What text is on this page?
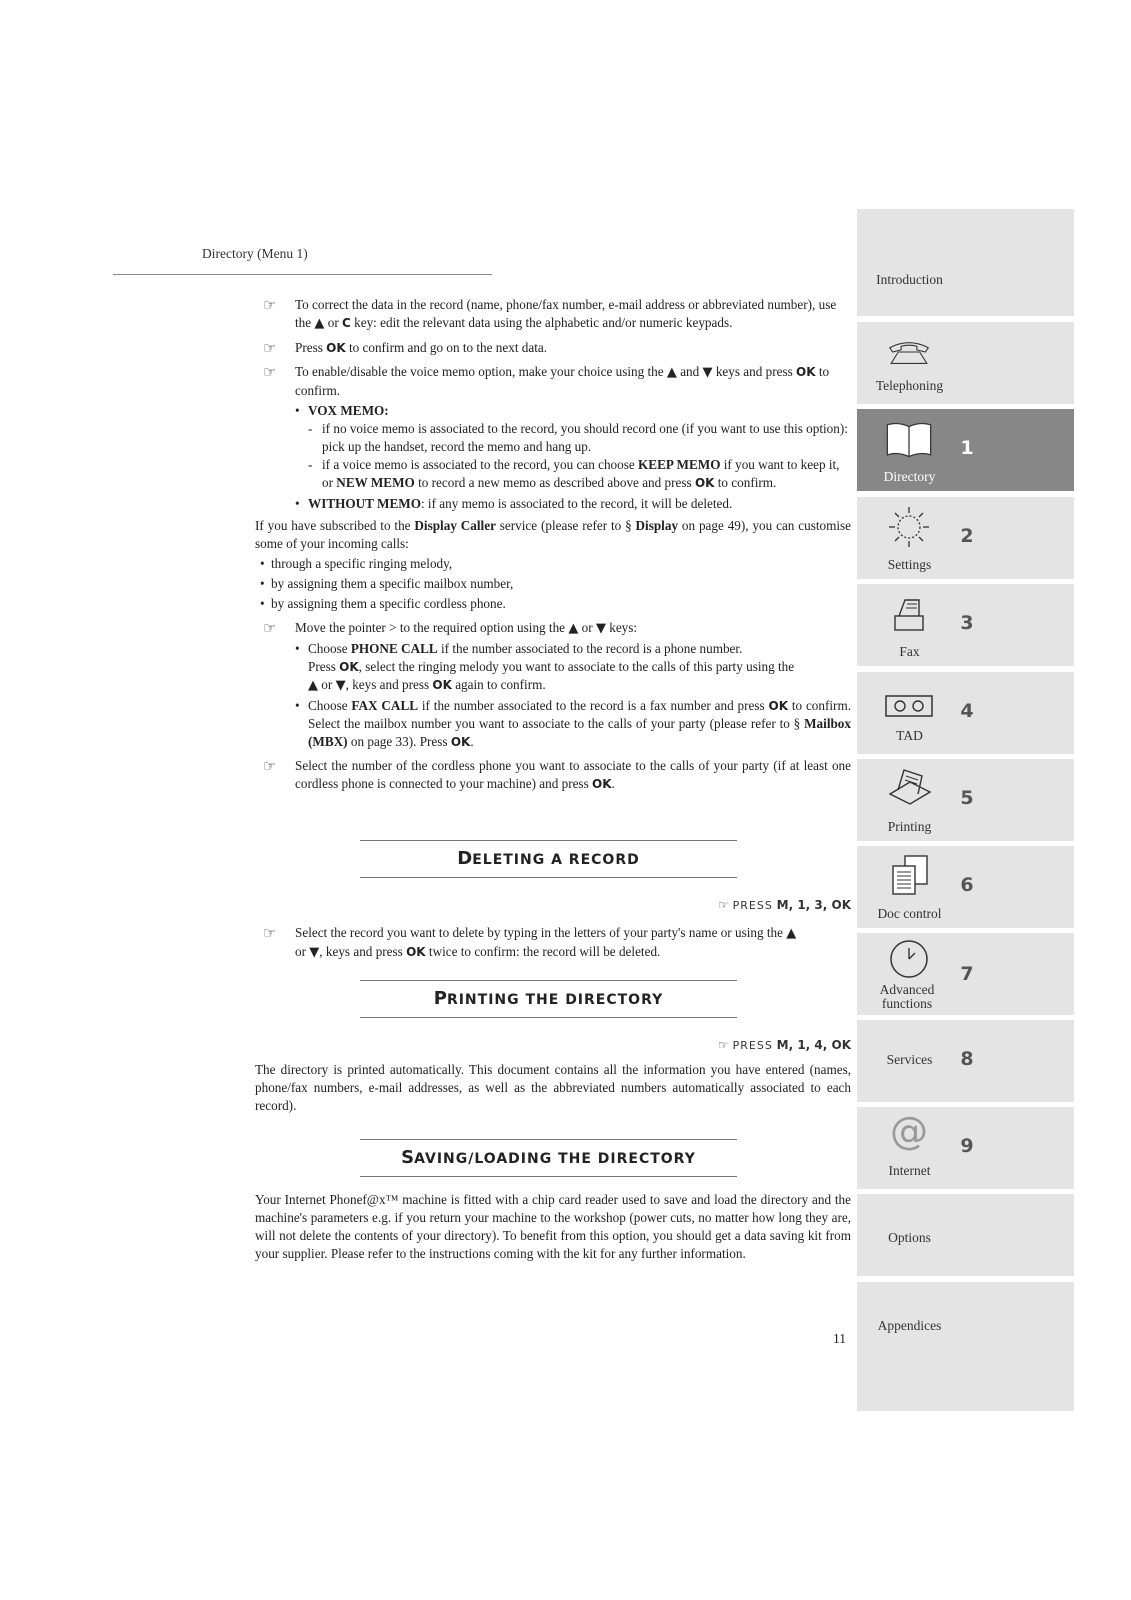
Directory (Menu 1)
☞ To correct the data in the record (name, phone/fax number, e-mail address or abbreviated number), use the ▲ or C key: edit the relevant data using the alphabetic and/or numeric keypads.
☞ Press OK to confirm and go on to the next data.
☞ To enable/disable the voice memo option, make your choice using the ▲ and ▼ keys and press OK to confirm.
• VOX MEMO:
- if no voice memo is associated to the record, you should record one (if you want to use this option): pick up the handset, record the memo and hang up.
- if a voice memo is associated to the record, you can choose KEEP MEMO if you want to keep it, or NEW MEMO to record a new memo as described above and press OK to confirm.
• WITHOUT MEMO: if any memo is associated to the record, it will be deleted.

If you have subscribed to the Display Caller service (please refer to § Display on page 49), you can customise some of your incoming calls:

• through a specific ringing melody,
• by assigning them a specific mailbox number,
• by assigning them a specific cordless phone.
☞ Move the pointer > to the required option using the ▲ or ▼ keys:
• Choose PHONE CALL if the number associated to the record is a phone number.
Press OK, select the ringing melody you want to associate to the calls of this party using the
▲ or ▼, keys and press OK again to confirm.
• Choose FAX CALL if the number associated to the record is a fax number and press OK to confirm. Select the mailbox number you want to associate to the calls of your party (please refer to § Mailbox (MBX) on page 33). Press OK.
☞ Select the number of the cordless phone you want to associate to the calls of your party (if at least one cordless phone is connected to your machine) and press OK.
DELETING A RECORD
☞ PRESS M, 1, 3, OK
☞ Select the record you want to delete by typing in the letters of your party's name or using the ▲
or ▼, keys and press OK twice to confirm: the record will be deleted.
PRINTING THE DIRECTORY
☞ PRESS M, 1, 4, OK

The directory is printed automatically. This document contains all the information you have entered (names, phone/fax numbers, e-mail addresses, as well as the abbreviated numbers automatically associated to each record).

SAVING/LOADING THE DIRECTORY

Your Internet Phonef@x™ machine is fitted with a chip card reader used to save and load the directory and the machine's parameters e.g. if you return your machine to the workshop (power cuts, no matter how long they are, will not delete the contents of your directory). To benefit from this option, you should get a data saving kit from your supplier. Please refer to the instructions coming with the kit for any further information.

11
Introduction
Telephoning
1
Directory
2
Settings
3
Fax
4
TAD
5
Printing
6
Doc control
7
Advanced functions
8
Services
@	9
Internet
Options
Appendices
